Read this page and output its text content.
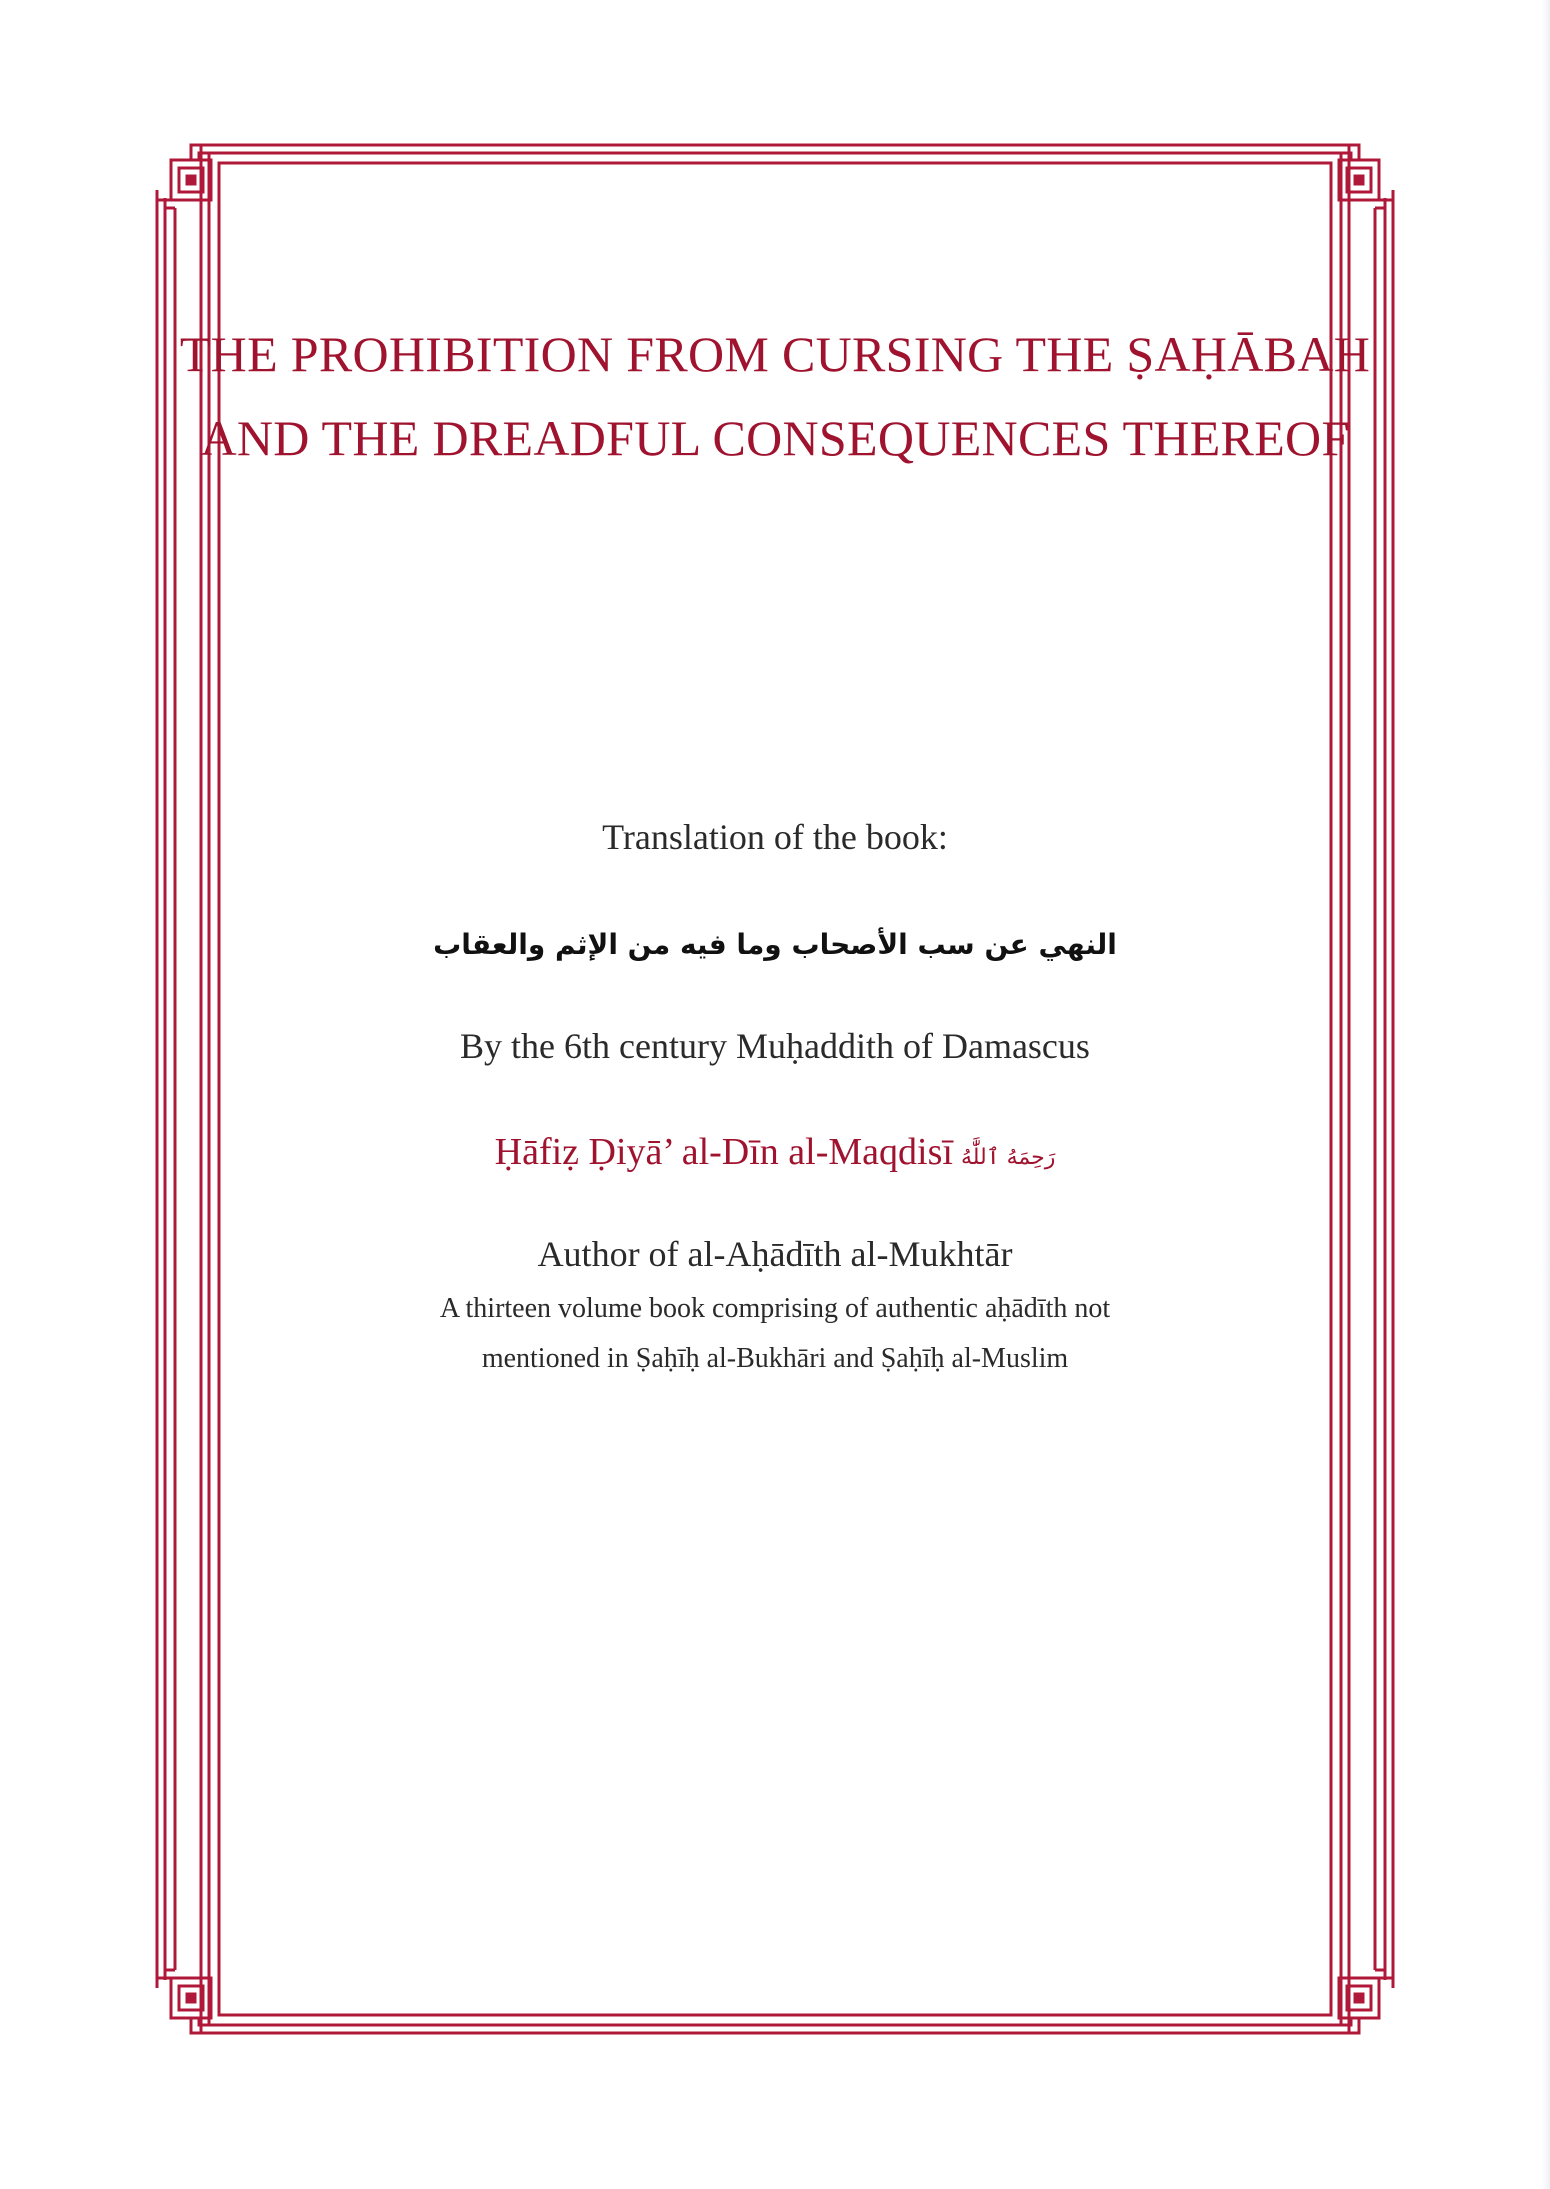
THE PROHIBITION FROM CURSING THE ṢAḤĀBAH
AND THE DREADFUL CONSEQUENCES THEREOF
Translation of the book:
النهي عن سب الأصحاب وما فيه من الإثم والعقاب
By the 6th century Muḥaddith of Damascus
Ḥāfiẓ Ḍiyā’ al-Dīn al-Maqdisī رَحِمَهُ ٱللَّٰهُ
Author of al-Aḥādīth al-Mukhtār
A thirteen volume book comprising of authentic aḥādīth not
mentioned in Ṣaḥīḥ al-Bukhāri and Ṣaḥīḥ al-Muslim
